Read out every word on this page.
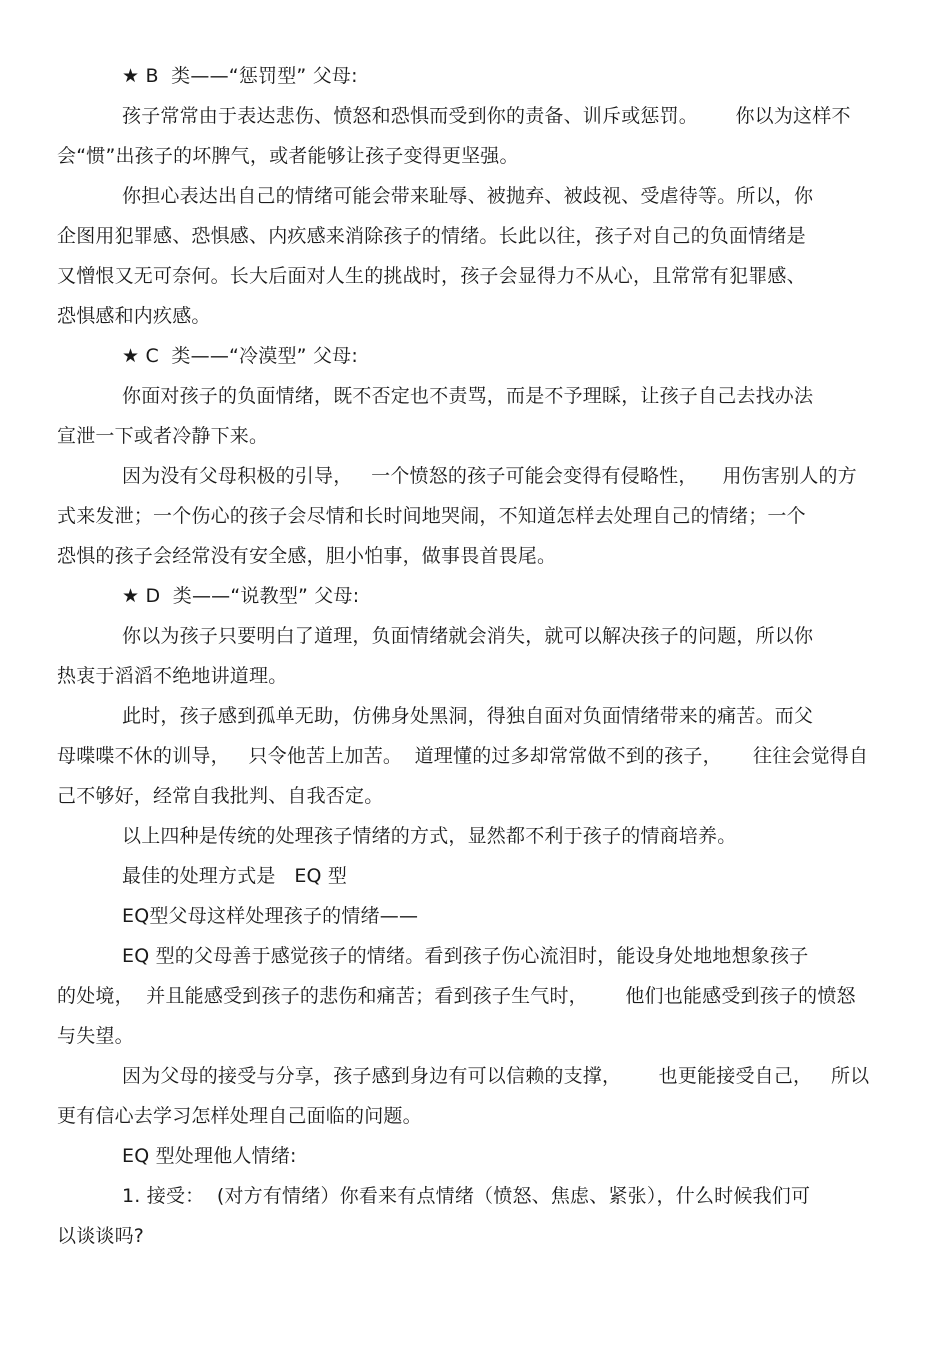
★ B  类——“惩罚型” 父母:
孩子常常由于表达悲伤、愤怒和恐惧而受到你的责备、训斥或惩罚。      你以为这样不
会“惯”出孩子的坏脾气，或者能够让孩子变得更坚强。
你担心表达出自己的情绪可能会带来耻辱、被抛弃、被歧视、受虐待等。所以，你
企图用犯罪感、恐惧感、内疚感来消除孩子的情绪。长此以往，孩子对自己的负面情绪是
又憎恨又无可奈何。长大后面对人生的挑战时，孩子会显得力不从心，且常常有犯罪感、
恐惧感和内疚感。
★ C  类——“冷漠型” 父母:
你面对孩子的负面情绪，既不否定也不责骂，而是不予理睬，让孩子自己去找办法
宣泄一下或者冷静下来。
因为没有父母积极的引导，   一个愤怒的孩子可能会变得有侵略性，    用伤害别人的方
式来发泄；一个伤心的孩子会尽情和长时间地哭闹，不知道怎样去处理自己的情绪；一个
恐惧的孩子会经常没有安全感，胆小怕事，做事畏首畏尾。
★ D  类——“说教型” 父母:
你以为孩子只要明白了道理，负面情绪就会消失，就可以解决孩子的问题，所以你
热衷于滔滔不绝地讲道理。
此时，孩子感到孤单无助，仿佛身处黑洞，得独自面对负面情绪带来的痛苦。而父
母喋喋不休的训导，   只令他苦上加苦。  道理懂的过多却常常做不到的孩子，     往往会觉得自
己不够好，经常自我批判、自我否定。
以上四种是传统的处理孩子情绪的方式，显然都不利于孩子的情商培养。
最佳的处理方式是   EQ 型
EQ型父母这样处理孩子的情绪——
EQ 型的父母善于感觉孩子的情绪。看到孩子伤心流泪时，能设身处地地想象孩子
的处境，  并且能感受到孩子的悲伤和痛苦；看到孩子生气时，      他们也能感受到孩子的愤怒
与失望。
因为父母的接受与分享，孩子感到身边有可以信赖的支撑，      也更能接受自己，   所以
更有信心去学习怎样处理自己面临的问题。
EQ 型处理他人情绪:
1. 接受：  (对方有情绪）你看来有点情绪（愤怒、焦虑、紧张），什么时候我们可
以谈谈吗?
